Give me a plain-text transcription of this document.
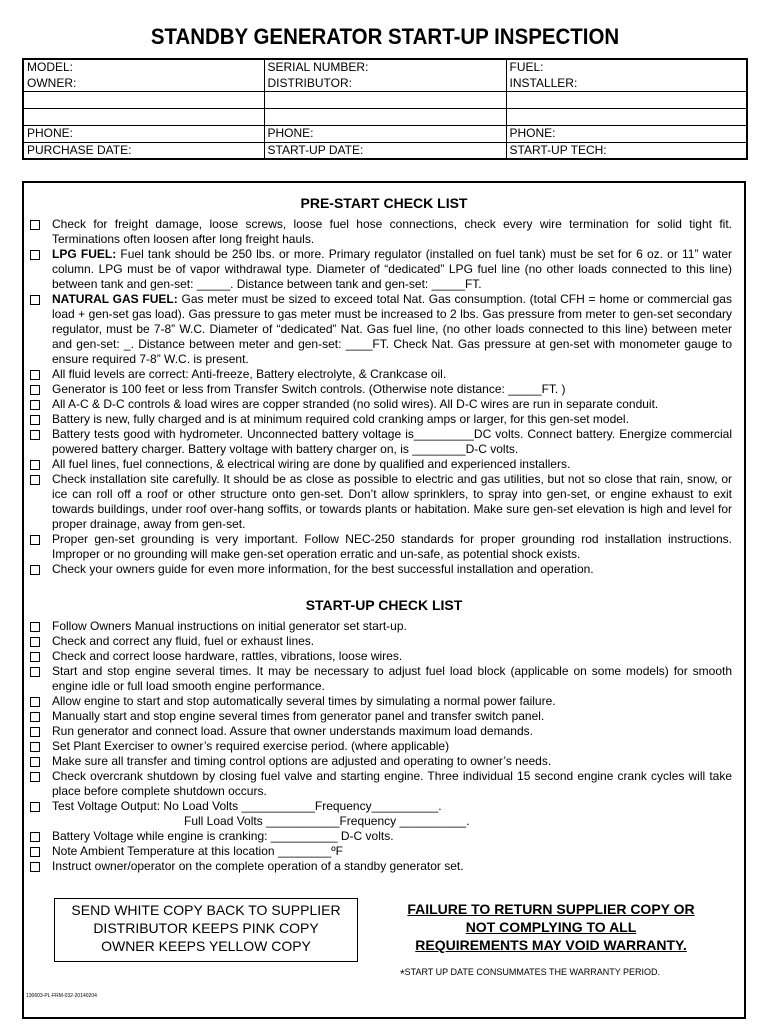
STANDBY GENERATOR START-UP INSPECTION
MODEL:	SERIAL NUMBER:	FUEL:
OWNER:	DISTRIBUTOR:	INSTALLER:

PHONE:	PHONE:	PHONE:
PURCHASE DATE:	START-UP DATE:	START-UP TECH:
PRE-START CHECK LIST

Check for freight damage, loose screws, loose fuel hose connections, check every wire termination for solid tight fit. Terminations often loosen after long freight hauls.

LPG FUEL: Fuel tank should be 250 lbs. or more. Primary regulator (installed on fuel tank) must be set for 6 oz. or 11” water column. LPG must be of vapor withdrawal type. Diameter of “dedicated” LPG fuel line (no other loads connected to this line) between tank and gen-set: _____. Distance between tank and gen-set: _____FT.

NATURAL GAS FUEL: Gas meter must be sized to exceed total Nat. Gas consumption. (total CFH = home or commercial gas load + gen-set gas load). Gas pressure to gas meter must be increased to 2 lbs. Gas pressure from meter to gen-set secondary regulator, must be 7-8” W.C. Diameter of “dedicated” Nat. Gas fuel line, (no other loads connected to this line) between meter and gen-set: _. Distance between meter and gen-set: ____FT. Check Nat. Gas pressure at gen-set with monometer gauge to ensure required 7-8” W.C. is present.

All fluid levels are correct: Anti-freeze, Battery electrolyte, & Crankcase oil.

Generator is 100 feet or less from Transfer Switch controls. (Otherwise note distance: _____FT. )

All A-C & D-C controls & load wires are copper stranded (no solid wires). All D-C wires are run in separate conduit.

Battery is new, fully charged and is at minimum required cold cranking amps or larger, for this gen-set model.

Battery tests good with hydrometer. Unconnected battery voltage is_________DC volts. Connect battery. Energize commercial powered battery charger. Battery voltage with battery charger on, is ________D-C volts.

All fuel lines, fuel connections, & electrical wiring are done by qualified and experienced installers.

Check installation site carefully. It should be as close as possible to electric and gas utilities, but not so close that rain, snow, or ice can roll off a roof or other structure onto gen-set. Don’t allow sprinklers, to spray into gen-set, or engine exhaust to exit towards buildings, under roof over-hang soffits, or towards plants or habitation. Make sure gen-set elevation is high and level for proper drainage, away from gen-set.

Proper gen-set grounding is very important. Follow NEC-250 standards for proper grounding rod installation instructions. Improper or no grounding will make gen-set operation erratic and un-safe, as potential shock exists.

Check your owners guide for even more information, for the best successful installation and operation.

START-UP CHECK LIST

Follow Owners Manual instructions on initial generator set start-up.

Check and correct any fluid, fuel or exhaust lines.

Check and correct loose hardware, rattles, vibrations, loose wires.

Start and stop engine several times. It may be necessary to adjust fuel load block (applicable on some models) for smooth engine idle or full load smooth engine performance.

Allow engine to start and stop automatically several times by simulating a normal power failure.

Manually start and stop engine several times from generator panel and transfer switch panel.

Run generator and connect load. Assure that owner understands maximum load demands.

Set Plant Exerciser to owner’s required exercise period. (where applicable)

Make sure all transfer and timing control options are adjusted and operating to owner’s needs.

Check overcrank shutdown by closing fuel valve and starting engine. Three individual 15 second engine crank cycles will take place before complete shutdown occurs.

Test Voltage Output: No Load Volts ___________Frequency__________.

Full Load Volts ___________Frequency __________.

Battery Voltage while engine is cranking: __________ D-C volts.

Note Ambient Temperature at this location ________ºF

Instruct owner/operator on the complete operation of a standby generator set.

SEND WHITE COPY BACK TO SUPPLIER
DISTRIBUTOR KEEPS PINK COPY
OWNER KEEPS YELLOW COPY
FAILURE TO RETURN SUPPLIER COPY OR
NOT COMPLYING TO ALL
REQUIREMENTS MAY VOID WARRANTY.
*START UP DATE CONSUMMATES THE WARRANTY PERIOD.
130603-PL-FRM-032-20140204
